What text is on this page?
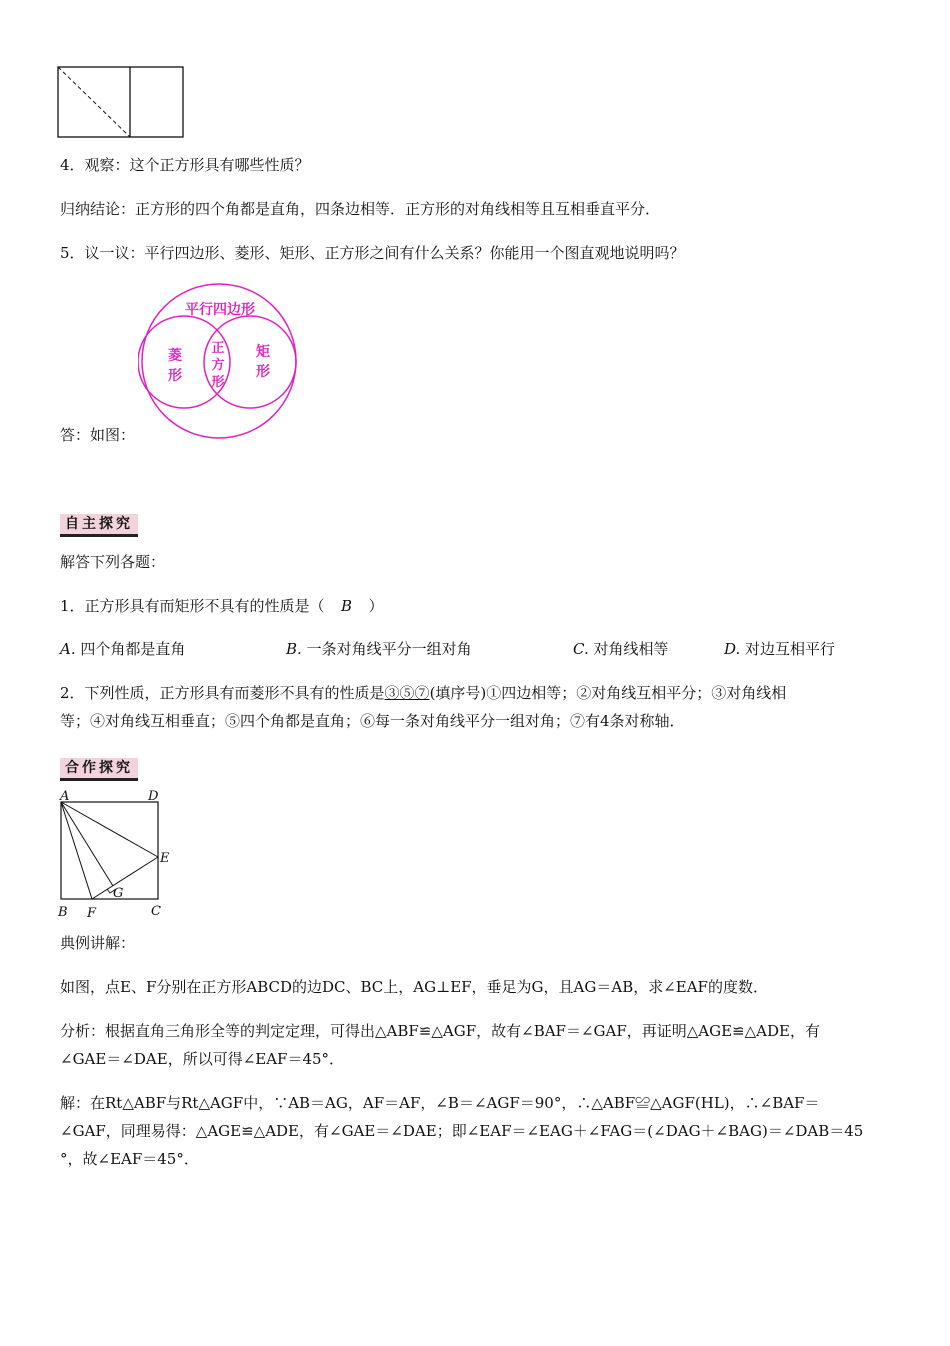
4．观察：这个正方形具有哪些性质？
归纳结论：正方形的四个角都是直角，四条边相等．正方形的对角线相等且互相垂直平分．
5．议一议：平行四边形、菱形、矩形、正方形之间有什么关系？你能用一个图直观地说明吗？
平行四边形
菱
形
正
方
形
矩
形
答：如图：
自主探究
解答下列各题：
1．正方形具有而矩形不具有的性质是（ B ）
A. 四个角都是直角	B. 一条对角线平分一组对角	C. 对角线相等	D. 对边互相平行
2．下列性质，正方形具有而菱形不具有的性质是③⑤⑦(填序号)①四边相等；②对角线互相平分；③对角线相
等；④对角线互相垂直；⑤四个角都是直角；⑥每一条对角线平分一组对角；⑦有4条对称轴．
合作探究
A	D
E
G
B F	C
典例讲解：
如图，点E、F分别在正方形ABCD的边DC、BC上，AG⊥EF，垂足为G，且AG＝AB，求∠EAF的度数．
分析：根据直角三角形全等的判定定理，可得出△ABF≌△AGF，故有∠BAF＝∠GAF，再证明△AGE≌△ADE，有
∠GAE＝∠DAE，所以可得∠EAF＝45°．
解：在Rt△ABF与Rt△AGF中，∵AB＝AG，AF＝AF，∠B＝∠AGF＝90°，∴△ABF≌△AGF(HL)，∴∠BAF＝
∠GAF，同理易得：△AGE≌△ADE，有∠GAE＝∠DAE；即∠EAF＝∠EAG＋∠FAG＝(∠DAG＋∠BAG)＝∠DAB＝45
°，故∠EAF＝45°．
